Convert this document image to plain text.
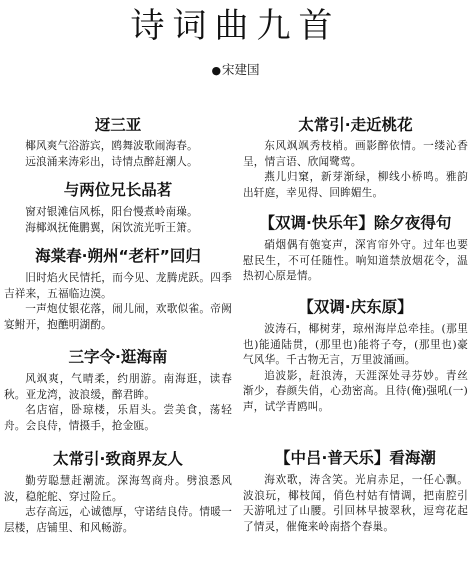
诗词曲九首
●宋建国
迓三亚

椰风爽气浴游宾，鸥舞波歌闹海春。

远浪涌来涛彩出，诗情点醉赶潮人。

与两位兄长品茗

窗对银滩信风栎，阳台慢煮岭南璪。

海椰飒抚俺鹏翼，闲饮流光听王箫。

海棠春·朔州“老杆”回归

旧时焰火民情托，而今见、龙腾虎跃。四季吉祥来，五福临边漠。

一声炮仗银花落，闹儿闹，欢歌似雀。帝阙宴鲋开，抱醮明湖酌。

三字令·逛海南

风飒爽，气晴柔，约朋游。南海逛，读春秋。亚龙湾，波浪缓，醉君眸。

名店宿，卧琼楼，乐眉头。尝美食，荡轻舟。会良侍，情摄手，抢金瓯。

太常引·致商界友人

勤劳聪慧赶潮流。深海驾商舟。劈浪悉风波，稳舵舵、穿过险丘。

志存高远，心诚德厚，守诺结良侍。情暖一层楼，店铺里、和风畅游。

太常引·走近桃花

东风飒飒秀枝梢。画影醉依情。一缕沁香呈，情言语、欣闻鹭莺。

燕儿归窠，新芽渐绿，柳线小桥鸣。雅韵出轩庭，幸见得、回眸媚生。

【双调·快乐年】除夕夜得句

硝烟偶有匏宴声，深宵帘外守。过年也要慰民生，不可任随性。响知道禁放烟花令，温热初心原是情。

【双调·庆东原】

波涛石，椰树芽，琼州海岸总牵挂。(那里也)能通陆贯，(那里也)能将子夸，(那里也)豪气风华。千古物无言，万里波涌画。

追波影，赶浪涛，天涯深处寻芬妙。青丝渐少，春颜失俏，心劲密高。且待(俺)强吼(一)声，试学青鸥叫。

【中吕·普天乐】看海潮

海欢歌，涛含笑。光肩赤足，一任心飘。波浪玩，椰枝闻，俏色村姑有情调，把南腔引天游吼过了山腰。引回林早披翠秋，逗弯花起了情灵，催俺来岭南搭个春巢。
